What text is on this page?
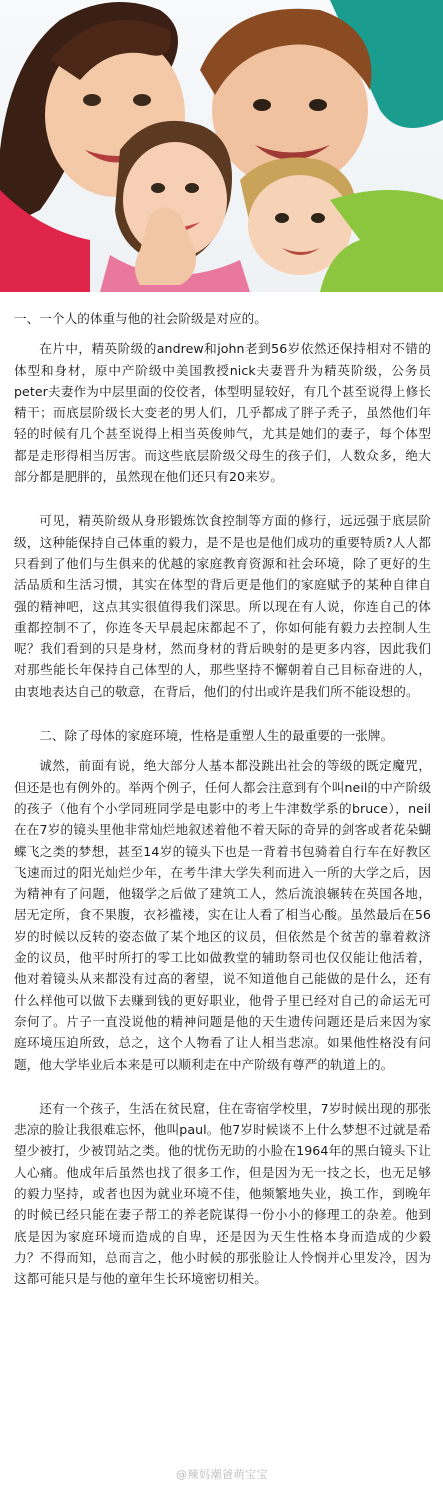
一、一个人的体重与他的社会阶级是对应的。

在片中，精英阶级的andrew和john老到56岁依然还保持相对不错的体型和身材，原中产阶级中美国教授nick夫妻晋升为精英阶级，公务员peter夫妻作为中层里面的佼佼者，体型明显较好，有几个甚至说得上修长精干；而底层阶级长大变老的男人们，几乎都成了胖子秃子，虽然他们年轻的时候有几个甚至说得上相当英俊帅气，尤其是她们的妻子，每个体型都是走形得相当厉害。而这些底层阶级父母生的孩子们，人数众多，绝大部分都是肥胖的，虽然现在他们还只有20来岁。

可见，精英阶级从身形锻炼饮食控制等方面的修行，远远强于底层阶级，这种能保持自己体重的毅力，是不是也是他们成功的重要特质?人人都只看到了他们与生俱来的优越的家庭教育资源和社会环境，除了更好的生活品质和生活习惯，其实在体型的背后更是他们的家庭赋予的某种自律自强的精神吧，这点其实很值得我们深思。所以现在有人说，你连自己的体重都控制不了，你连冬天早晨起床都起不了，你如何能有毅力去控制人生呢？我们看到的只是身材，然而身材的背后映射的是更多内容，因此我们对那些能长年保持自己体型的人，那些坚持不懈朝着自己目标奋进的人，由衷地表达自己的敬意，在背后，他们的付出或许是我们所不能设想的。

二、除了母体的家庭环境，性格是重塑人生的最重要的一张牌。

诚然，前面有说，绝大部分人基本都没跳出社会的等级的既定魔咒，但还是也有例外的。举两个例子，任何人都会注意到有个叫neil的中产阶级的孩子（他有个小学同班同学是电影中的考上牛津数学系的bruce），neil在在7岁的镜头里他非常灿烂地叙述着他不着天际的奇异的剑客或者花朵蝴蝶飞之类的梦想，甚至14岁的镜头下也是一背着书包骑着自行车在好教区飞速而过的阳光灿烂少年，在考牛津大学失利而进入一所的大学之后，因为精神有了问题，他辍学之后做了建筑工人，然后流浪辗转在英国各地，居无定所，食不果腹，衣衫褴褛，实在让人看了相当心酸。虽然最后在56岁的时候以反转的姿态做了某个地区的议员，但依然是个贫苦的靠着救济金的议员，他平时所打的零工比如做教堂的辅助祭司也仅仅能让他活着，他对着镜头从来都没有过高的奢望，说不知道他自己能做的是什么，还有什么样他可以做下去赚到钱的更好职业，他骨子里已经对自己的命运无可奈何了。片子一直没说他的精神问题是他的天生遗传问题还是后来因为家庭环境压迫所致，总之，这个人物看了让人相当悲凉。如果他性格没有问题，他大学毕业后本来是可以顺利走在中产阶级有尊严的轨道上的。

还有一个孩子，生活在贫民窟，住在寄宿学校里，7岁时候出现的那张悲凉的脸让我很难忘怀，他叫paul。他7岁时候谈不上什么梦想不过就是希望少被打，少被罚站之类。他的忧伤无助的小脸在1964年的黑白镜头下让人心痛。他成年后虽然也找了很多工作，但是因为无一技之长，也无足够的毅力坚持，或者也因为就业环境不佳，他频繁地失业，换工作，到晚年的时候已经只能在妻子帮工的养老院谋得一份小小的修理工的杂差。他到底是因为家庭环境而造成的自卑，还是因为天生性格本身而造成的少毅力？不得而知，总而言之，他小时候的那张脸让人怜悯并心里发冷，因为这都可能只是与他的童年生长环境密切相关。

@辣妈潮爸萌宝宝
